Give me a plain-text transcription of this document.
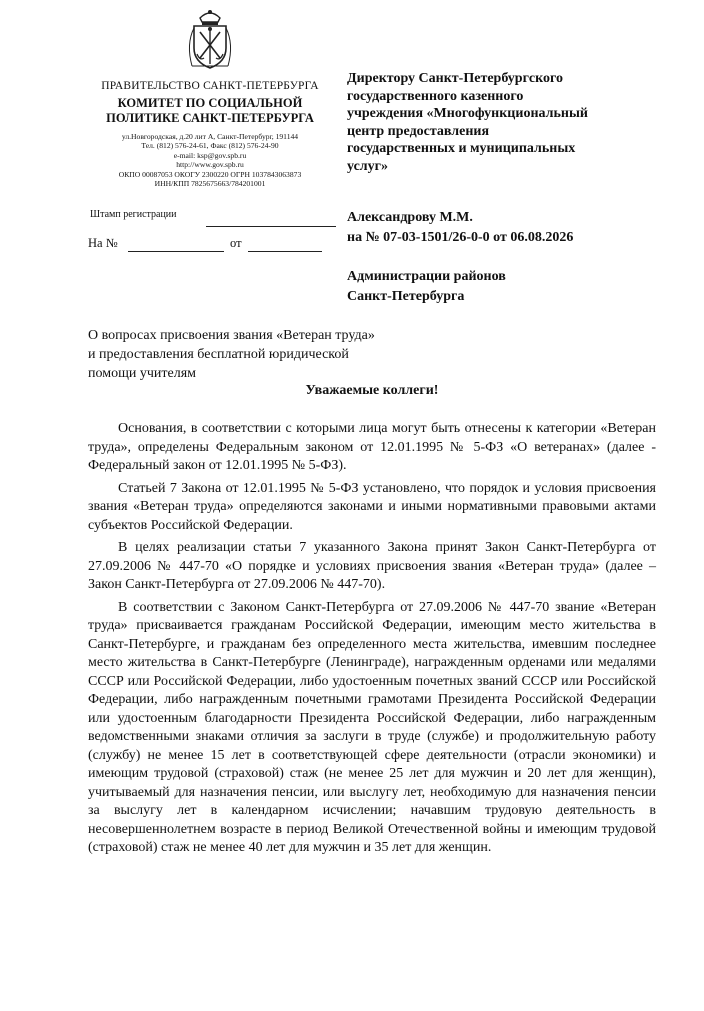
ПРАВИТЕЛЬСТВО САНКТ-ПЕТЕРБУРГА
КОМИТЕТ ПО СОЦИАЛЬНОЙ
ПОЛИТИКЕ САНКТ-ПЕТЕРБУРГА
ул.Новгородская, д.20 лит А, Санкт-Петербург, 191144
Тел. (812) 576-24-61, Факс (812) 576-24-90
e-mail: ksp@gov.spb.ru
http://www.gov.spb.ru
ОКПО 00087053 ОКОГУ 2300220 ОГРН 1037843063873
ИНН/КПП 7825675663/784201001
Штамп регистрации
На №	от

Директору Санкт-Петербургского

государственного казенного

учреждения «Многофункциональный

центр предоставления

государственных и муниципальных

услуг»

Александрову М.М.

на № 07-03-1501/26-0-0 от 06.08.2026

Администрации районов

Санкт-Петербурга

О вопросах присвоения звания «Ветеран труда»

и предоставления бесплатной юридической

помощи учителям

Уважаемые коллеги!

Основания, в соответствии с которыми лица могут быть отнесены к категории «Ветеран труда», определены Федеральным законом от 12.01.1995 № 5-ФЗ «О ветеранах» (далее - Федеральный закон от 12.01.1995 № 5-ФЗ).

Статьей 7 Закона от 12.01.1995 № 5-ФЗ установлено, что порядок и условия присвоения звания «Ветеран труда» определяются законами и иными нормативными правовыми актами субъектов Российской Федерации.

В целях реализации статьи 7 указанного Закона принят Закон Санкт-Петербурга от 27.09.2006 № 447-70 «О порядке и условиях присвоения звания «Ветеран труда» (далее – Закон Санкт-Петербурга от 27.09.2006 № 447-70).

В соответствии с Законом Санкт-Петербурга от 27.09.2006 № 447-70 звание «Ветеран труда» присваивается гражданам Российской Федерации, имеющим место жительства в Санкт-Петербурге, и гражданам без определенного места жительства, имевшим последнее место жительства в Санкт-Петербурге (Ленинграде), награжденным орденами или медалями СССР или Российской Федерации, либо удостоенным почетных званий СССР или Российской Федерации, либо награжденным почетными грамотами Президента Российской Федерации или удостоенным благодарности Президента Российской Федерации, либо награжденным ведомственными знаками отличия за заслуги в труде (службе) и продолжительную работу (службу) не менее 15 лет в соответствующей сфере деятельности (отрасли экономики) и имеющим трудовой (страховой) стаж (не менее 25 лет для мужчин и 20 лет для женщин), учитываемый для назначения пенсии, или выслугу лет, необходимую для назначения пенсии за выслугу лет в календарном исчислении; начавшим трудовую деятельность в несовершеннолетнем возрасте в период Великой Отечественной войны и имеющим трудовой (страховой) стаж не менее 40 лет для мужчин и 35 лет для женщин.
